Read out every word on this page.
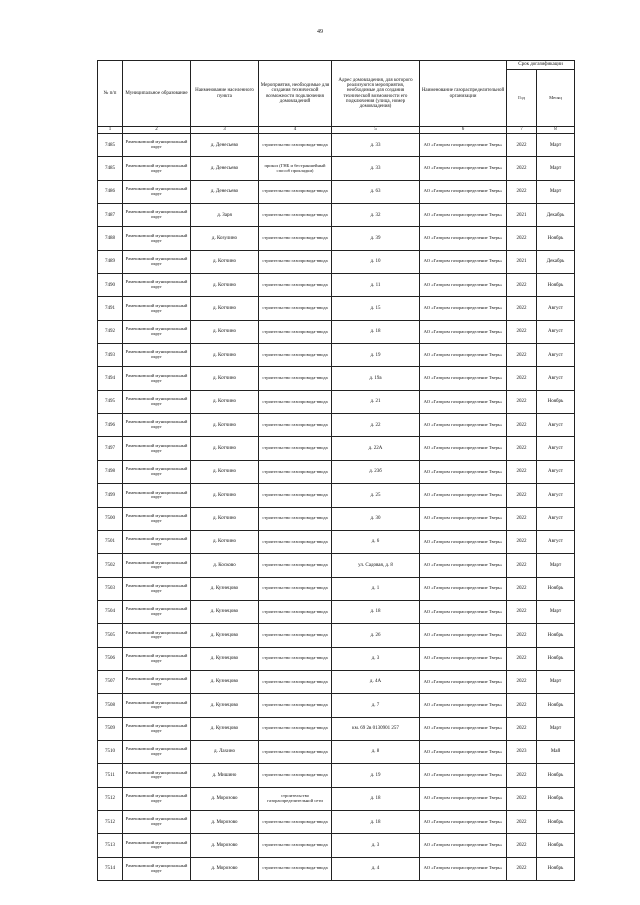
49
№ п/п	Муниципальное образование	Наименование населенного пункта	Мероприятия, необходимые для создания технической возможности подключения домовладений	Адрес домовладения, для которого реализуются мероприятия, необходимые для создания технической возможности его подключения (улица, номер домовладения)	Наименование газораспределительной организации	Срок догазификации	
						Год	Месяц
1	2	3	4	5	6	7	8
7485	Рамешковский муниципальный округ	д. Денесьево	строительство газопровода-ввода	д. 33	АО «Газпром газораспределение Тверь»	2022	Март
7485	Рамешковский муниципальный округ	д. Денесьево	прокол (ГНБ и бестраншейный способ прокладки)	д. 33	АО «Газпром газораспределение Тверь»	2022	Март
7486	Рамешковский муниципальный округ	д. Денесьево	строительство газопровода-ввода	д. 63	АО «Газпром газораспределение Тверь»	2022	Март
7487	Рамешковский муниципальный округ	д. Заря	строительство газопровода-ввода	д. 32	АО «Газпром газораспределение Тверь»	2021	Декабрь
7488	Рамешковский муниципальный округ	д. Козулино	строительство газопровода-ввода	д. 39	АО «Газпром газораспределение Тверь»	2022	Ноябрь
7489	Рамешковский муниципальный округ	д. Котчино	строительство газопровода-ввода	д. 10	АО «Газпром газораспределение Тверь»	2021	Декабрь
7490	Рамешковский муниципальный округ	д. Котчино	строительство газопровода-ввода	д. 11	АО «Газпром газораспределение Тверь»	2022	Ноябрь
7491	Рамешковский муниципальный округ	д. Котчино	строительство газопровода-ввода	д. 15	АО «Газпром газораспределение Тверь»	2022	Август
7492	Рамешковский муниципальный округ	д. Котчино	строительство газопровода-ввода	д. 18	АО «Газпром газораспределение Тверь»	2022	Август
7493	Рамешковский муниципальный округ	д. Котчино	строительство газопровода-ввода	д. 19	АО «Газпром газораспределение Тверь»	2022	Август
7494	Рамешковский муниципальный округ	д. Котчино	строительство газопровода-ввода	д. 19а	АО «Газпром газораспределение Тверь»	2022	Август
7495	Рамешковский муниципальный округ	д. Котчино	строительство газопровода-ввода	д. 21	АО «Газпром газораспределение Тверь»	2022	Ноябрь
7496	Рамешковский муниципальный округ	д. Котчино	строительство газопровода-ввода	д. 22	АО «Газпром газораспределение Тверь»	2022	Август
7497	Рамешковский муниципальный округ	д. Котчино	строительство газопровода-ввода	д. 22А	АО «Газпром газораспределение Тверь»	2022	Август
7498	Рамешковский муниципальный округ	д. Котчино	строительство газопровода-ввода	д. 23б	АО «Газпром газораспределение Тверь»	2022	Август
7499	Рамешковский муниципальный округ	д. Котчино	строительство газопровода-ввода	д. 25	АО «Газпром газораспределение Тверь»	2022	Август
7500	Рамешковский муниципальный округ	д. Котчино	строительство газопровода-ввода	д. 30	АО «Газпром газораспределение Тверь»	2022	Август
7501	Рамешковский муниципальный округ	д. Котчино	строительство газопровода-ввода	д. 6	АО «Газпром газораспределение Тверь»	2022	Август
7502	Рамешковский муниципальный округ	д. Косково	строительство газопровода-ввода	ул. Садовая, д. 8	АО «Газпром газораспределение Тверь»	2022	Март
7503	Рамешковский муниципальный округ	д. Кузнецово	строительство газопровода-ввода	д. 1	АО «Газпром газораспределение Тверь»	2022	Ноябрь
7504	Рамешковский муниципальный округ	д. Кузнецово	строительство газопровода-ввода	д. 18	АО «Газпром газораспределение Тверь»	2022	Март
7505	Рамешковский муниципальный округ	д. Кузнецово	строительство газопровода-ввода	д. 26	АО «Газпром газораспределение Тверь»	2022	Ноябрь
7506	Рамешковский муниципальный округ	д. Кузнецово	строительство газопровода-ввода	д. 3	АО «Газпром газораспределение Тверь»	2022	Ноябрь
7507	Рамешковский муниципальный округ	д. Кузнецово	строительство газопровода-ввода	д. 4А	АО «Газпром газораспределение Тверь»	2022	Март
7508	Рамешковский муниципальный округ	д. Кузнецово	строительство газопровода-ввода	д. 7	АО «Газпром газораспределение Тверь»	2022	Ноябрь
7509	Рамешковский муниципальный округ	д. Кузнецово	строительство газопровода-ввода	км. 69 2в 0130901 257	АО «Газпром газораспределение Тверь»	2022	Март
7510	Рамешковский муниципальный округ	д. Лахино	строительство газопровода-ввода	д. 8	АО «Газпром газораспределение Тверь»	2023	Май
7511	Рамешковский муниципальный округ	д. Мишино	строительство газопровода-ввода	д. 19	АО «Газпром газораспределение Тверь»	2022	Ноябрь
7512	Рамешковский муниципальный округ	д. Морозово	строительство газораспределительной сети	д. 18	АО «Газпром газораспределение Тверь»	2022	Ноябрь
7512	Рамешковский муниципальный округ	д. Морозово	строительство газопровода-ввода	д. 18	АО «Газпром газораспределение Тверь»	2022	Ноябрь
7513	Рамешковский муниципальный округ	д. Морозово	строительство газопровода-ввода	д. 3	АО «Газпром газораспределение Тверь»	2022	Ноябрь
7514	Рамешковский муниципальный округ	д. Морозово	строительство газопровода-ввода	д. 4	АО «Газпром газораспределение Тверь»	2022	Ноябрь
